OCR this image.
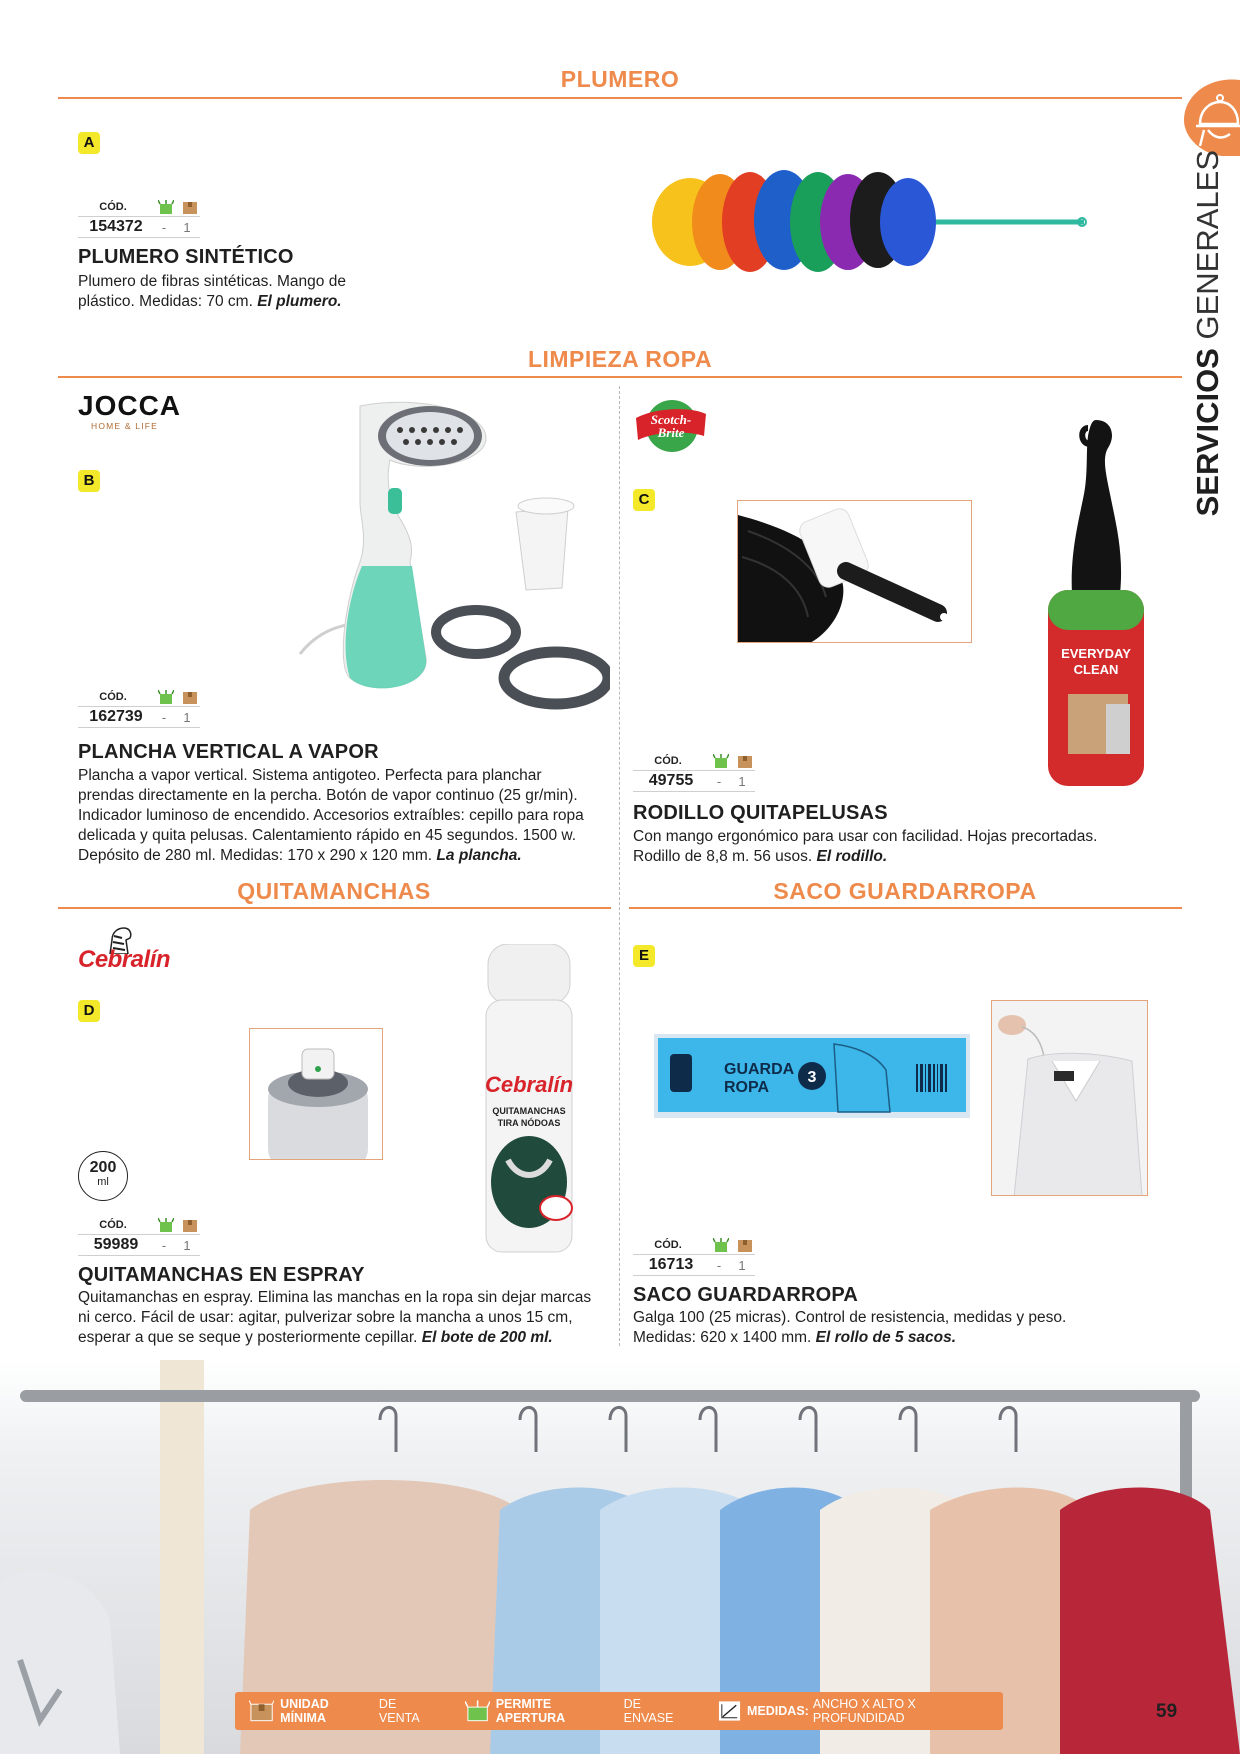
SERVICIOS GENERALES
PLUMERO
A
CÓD.
154372	-	1
PLUMERO SINTÉTICO
Plumero de fibras sintéticas. Mango de plástico. Medidas: 70 cm. El plumero.
LIMPIEZA ROPA
JOCCA
HOME & LIFE
B
CÓD.
162739	-	1
PLANCHA VERTICAL A VAPOR
Plancha a vapor vertical. Sistema antigoteo. Perfecta para planchar prendas directamente en la percha. Botón de vapor continuo (25 gr/min). Indicador luminoso de encendido. Accesorios extraíbles: cepillo para ropa delicada y quita pelusas. Calentamiento rápido en 45 segundos. 1500 w. Depósito de 280 ml. Medidas: 170 x 290 x 120 mm. La plancha.
Scotch-
Brite
C
EVERYDAY
CLEAN
CÓD.
49755	-	1
RODILLO QUITAPELUSAS
Con mango ergonómico para usar con facilidad. Hojas precortadas. Rodillo de 8,8 m. 56 usos. El rodillo.
QUITAMANCHAS	SACO GUARDARROPA
Cebralín
D
Cebralín
QUITAMANCHAS
TIRA NÓDOAS
200
ml
CÓD.
59989	-	1
QUITAMANCHAS EN ESPRAY
Quitamanchas en espray. Elimina las manchas en la ropa sin dejar marcas ni cerco. Fácil de usar: agitar, pulverizar sobre la mancha a unos 15 cm, esperar a que se seque y posteriormente cepillar. El bote de 200 ml.
E
GUARDA
ROPA
3
CÓD.
16713	-	1
SACO GUARDARROPA
Galga 100 (25 micras). Control de resistencia, medidas y peso. Medidas: 620 x 1400 mm. El rollo de 5 sacos.
UNIDAD MÍNIMA
DE VENTA
PERMITE APERTURA
DE ENVASE	MEDIDAS: ANCHO X ALTO X PROFUNDIDAD	59
